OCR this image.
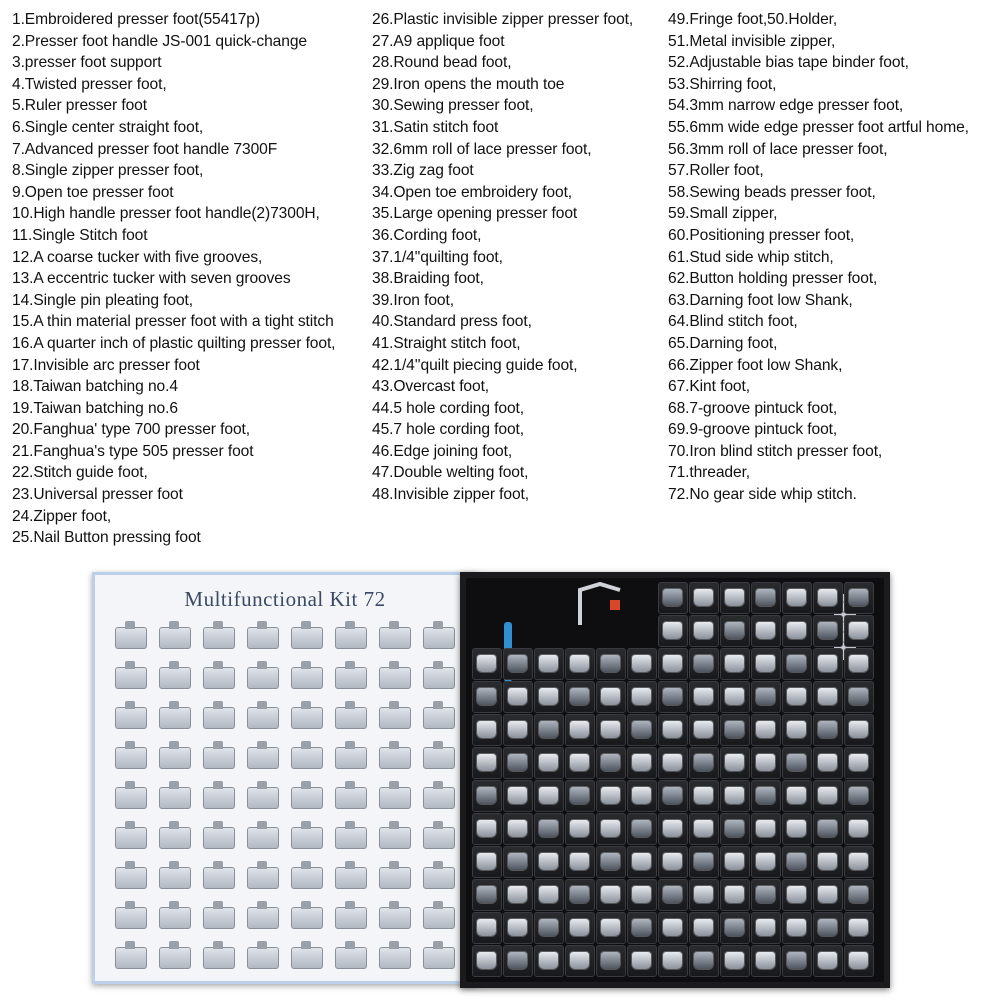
1.Embroidered presser foot(55417p)
2.Presser foot handle JS-001 quick-change
3.presser foot support
4.Twisted presser foot,
5.Ruler presser foot
6.Single center straight foot,
7.Advanced presser foot handle 7300F
8.Single zipper presser foot,
9.Open toe presser foot
10.High handle presser foot handle(2)7300H,
11.Single Stitch foot
12.A coarse tucker with five grooves,
13.A eccentric tucker with seven grooves
14.Single pin pleating foot,
15.A thin material presser foot with a tight stitch
16.A quarter inch of plastic quilting presser foot,
17.Invisible arc presser foot
18.Taiwan batching no.4
19.Taiwan batching no.6
20.Fanghua' type 700 presser foot,
21.Fanghua's type 505 presser foot
22.Stitch guide foot,
23.Universal presser foot
24.Zipper foot,
25.Nail Button pressing foot
26.Plastic invisible zipper presser foot,
27.A9 applique foot
28.Round bead foot,
29.Iron opens the mouth toe
30.Sewing presser foot,
31.Satin stitch foot
32.6mm roll of lace presser foot,
33.Zig zag foot
34.Open toe embroidery foot,
35.Large opening presser foot
36.Cording foot,
37.1/4"quilting foot,
38.Braiding foot,
39.Iron foot,
40.Standard press foot,
41.Straight stitch foot,
42.1/4''quilt piecing guide foot,
43.Overcast foot,
44.5 hole cording foot,
45.7 hole cording foot,
46.Edge joining foot,
47.Double welting foot,
48.Invisible zipper foot,
49.Fringe foot,50.Holder,
51.Metal invisible zipper,
52.Adjustable bias tape binder foot,
53.Shirring foot,
54.3mm narrow edge presser foot,
55.6mm wide edge presser foot artful home,
56.3mm roll of lace presser foot,
57.Roller foot,
58.Sewing beads presser foot,
59.Small zipper,
60.Positioning presser foot,
61.Stud side whip stitch,
62.Button holding presser foot,
63.Darning foot low Shank,
64.Blind stitch foot,
65.Darning foot,
66.Zipper foot low Shank,
67.Kint foot,
68.7-groove pintuck foot,
69.9-groove pintuck foot,
70.Iron blind stitch presser foot,
71.threader,
72.No gear side whip stitch.
Multifunctional Kit 72
